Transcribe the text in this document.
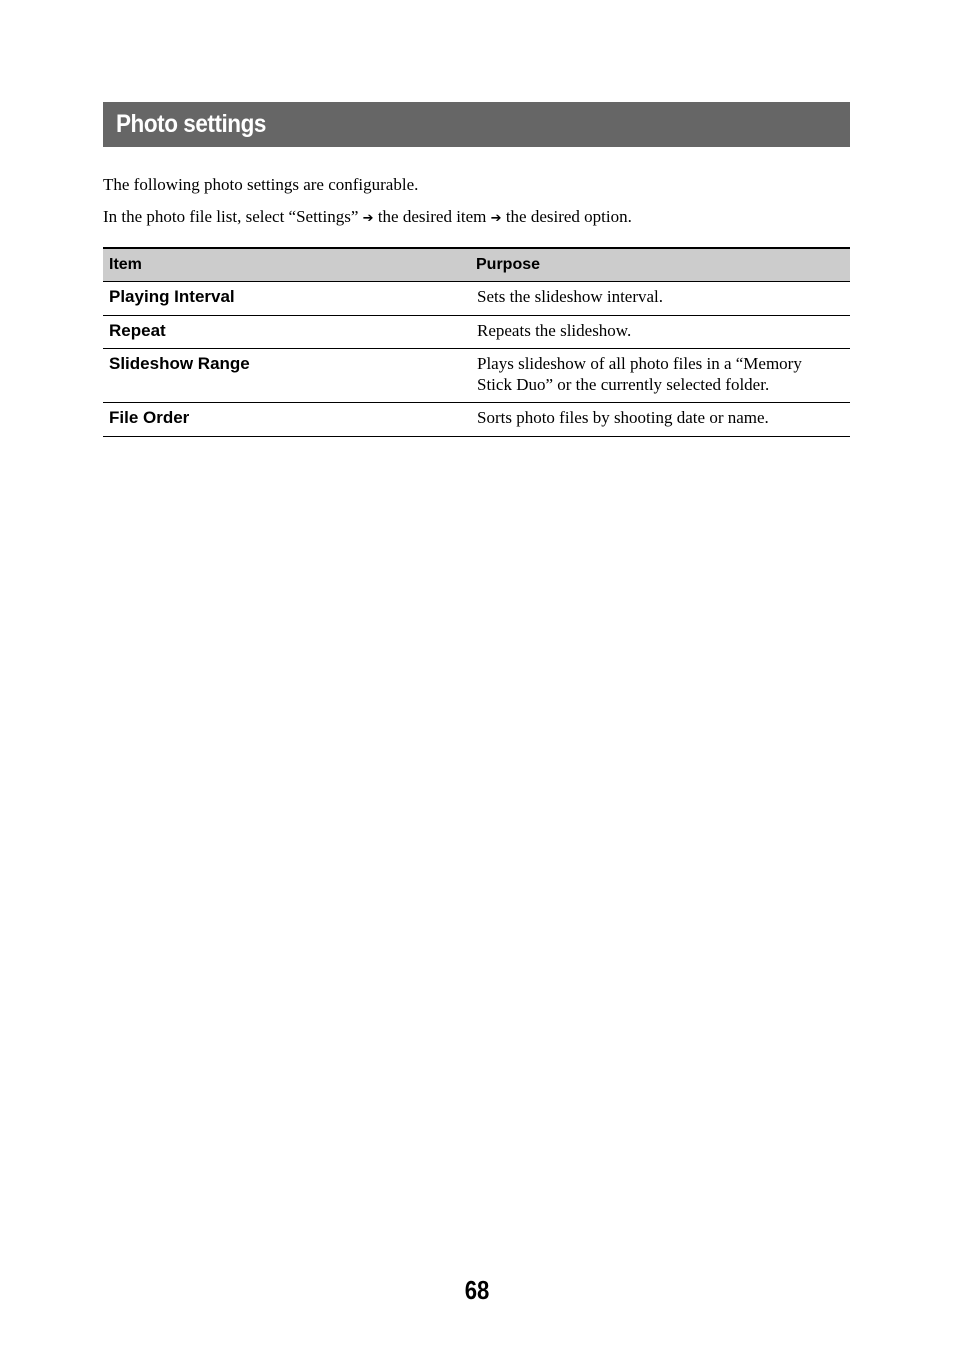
Photo settings

The following photo settings are configurable.

In the photo file list, select “Settings” ➔ the desired item ➔ the desired option.

Item	Purpose
Playing Interval	Sets the slideshow interval.
Repeat	Repeats the slideshow.
Slideshow Range	Plays slideshow of all photo files in a “Memory Stick Duo” or the currently selected folder.
File Order	Sorts photo files by shooting date or name.
68
